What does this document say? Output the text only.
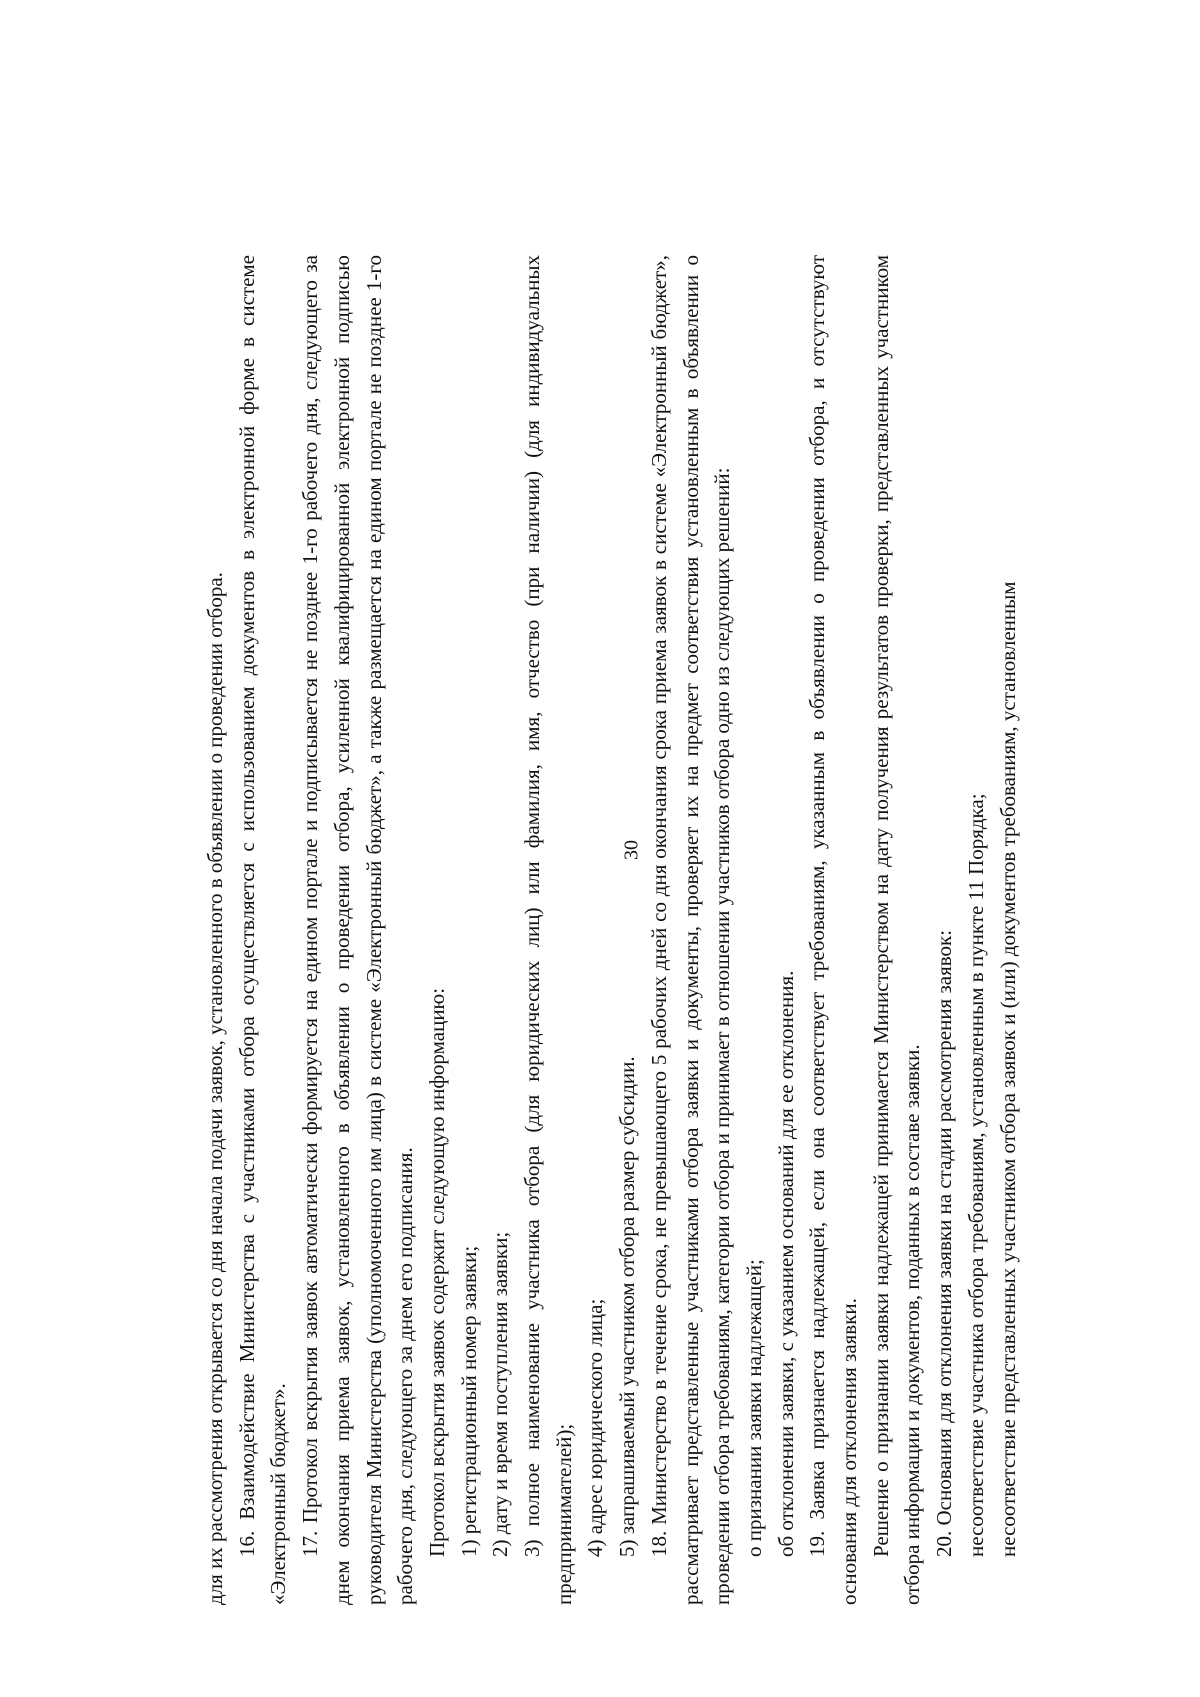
30

для их рассмотрения открывается со дня начала подачи заявок, установленного в объявлении о проведении отбора. 16. Взаимодействие Министерства с участниками отбора осуществляется с использованием документов в электронной форме в системе «Электронный бюджет». 17. Протокол вскрытия заявок автоматически формируется на едином портале и подписывается не позднее 1-го рабочего дня, следующего за днем окончания приема заявок, установленного в объявлении о проведении отбора, усиленной квалифицированной электронной подписью руководителя Министерства (уполномоченного им лица) в системе «Электронный бюджет», а также размещается на едином портале не позднее 1-го рабочего дня, следующего за днем его подписания. Протокол вскрытия заявок содержит следующую информацию: 1) регистрационный номер заявки; 2) дату и время поступления заявки; 3) полное наименование участника отбора (для юридических лиц) или фамилия, имя, отчество (при наличии) (для индивидуальных предпринимателей); 4) адрес юридического лица; 5) запрашиваемый участником отбора размер субсидии. 18. Министерство в течение срока, не превышающего 5 рабочих дней со дня окончания срока приема заявок в системе «Электронный бюджет», рассматривает представленные участниками отбора заявки и документы, проверяет их на предмет соответствия установленным в объявлении о проведении отбора требованиям, категории отбора и принимает в отношении участников отбора одно из следующих решений: о признании заявки надлежащей; об отклонении заявки, с указанием оснований для ее отклонения. 19. Заявка признается надлежащей, если она соответствует требованиям, указанным в объявлении о проведении отбора, и отсутствуют основания для отклонения заявки. Решение о признании заявки надлежащей принимается Министерством на дату получения результатов проверки, представленных участником отбора информации и документов, поданных в составе заявки. 20. Основания для отклонения заявки на стадии рассмотрения заявок: несоответствие участника отбора требованиям, установленным в пункте 11 Порядка; несоответствие представленных участником отбора заявок и (или) документов требованиям, установленным
